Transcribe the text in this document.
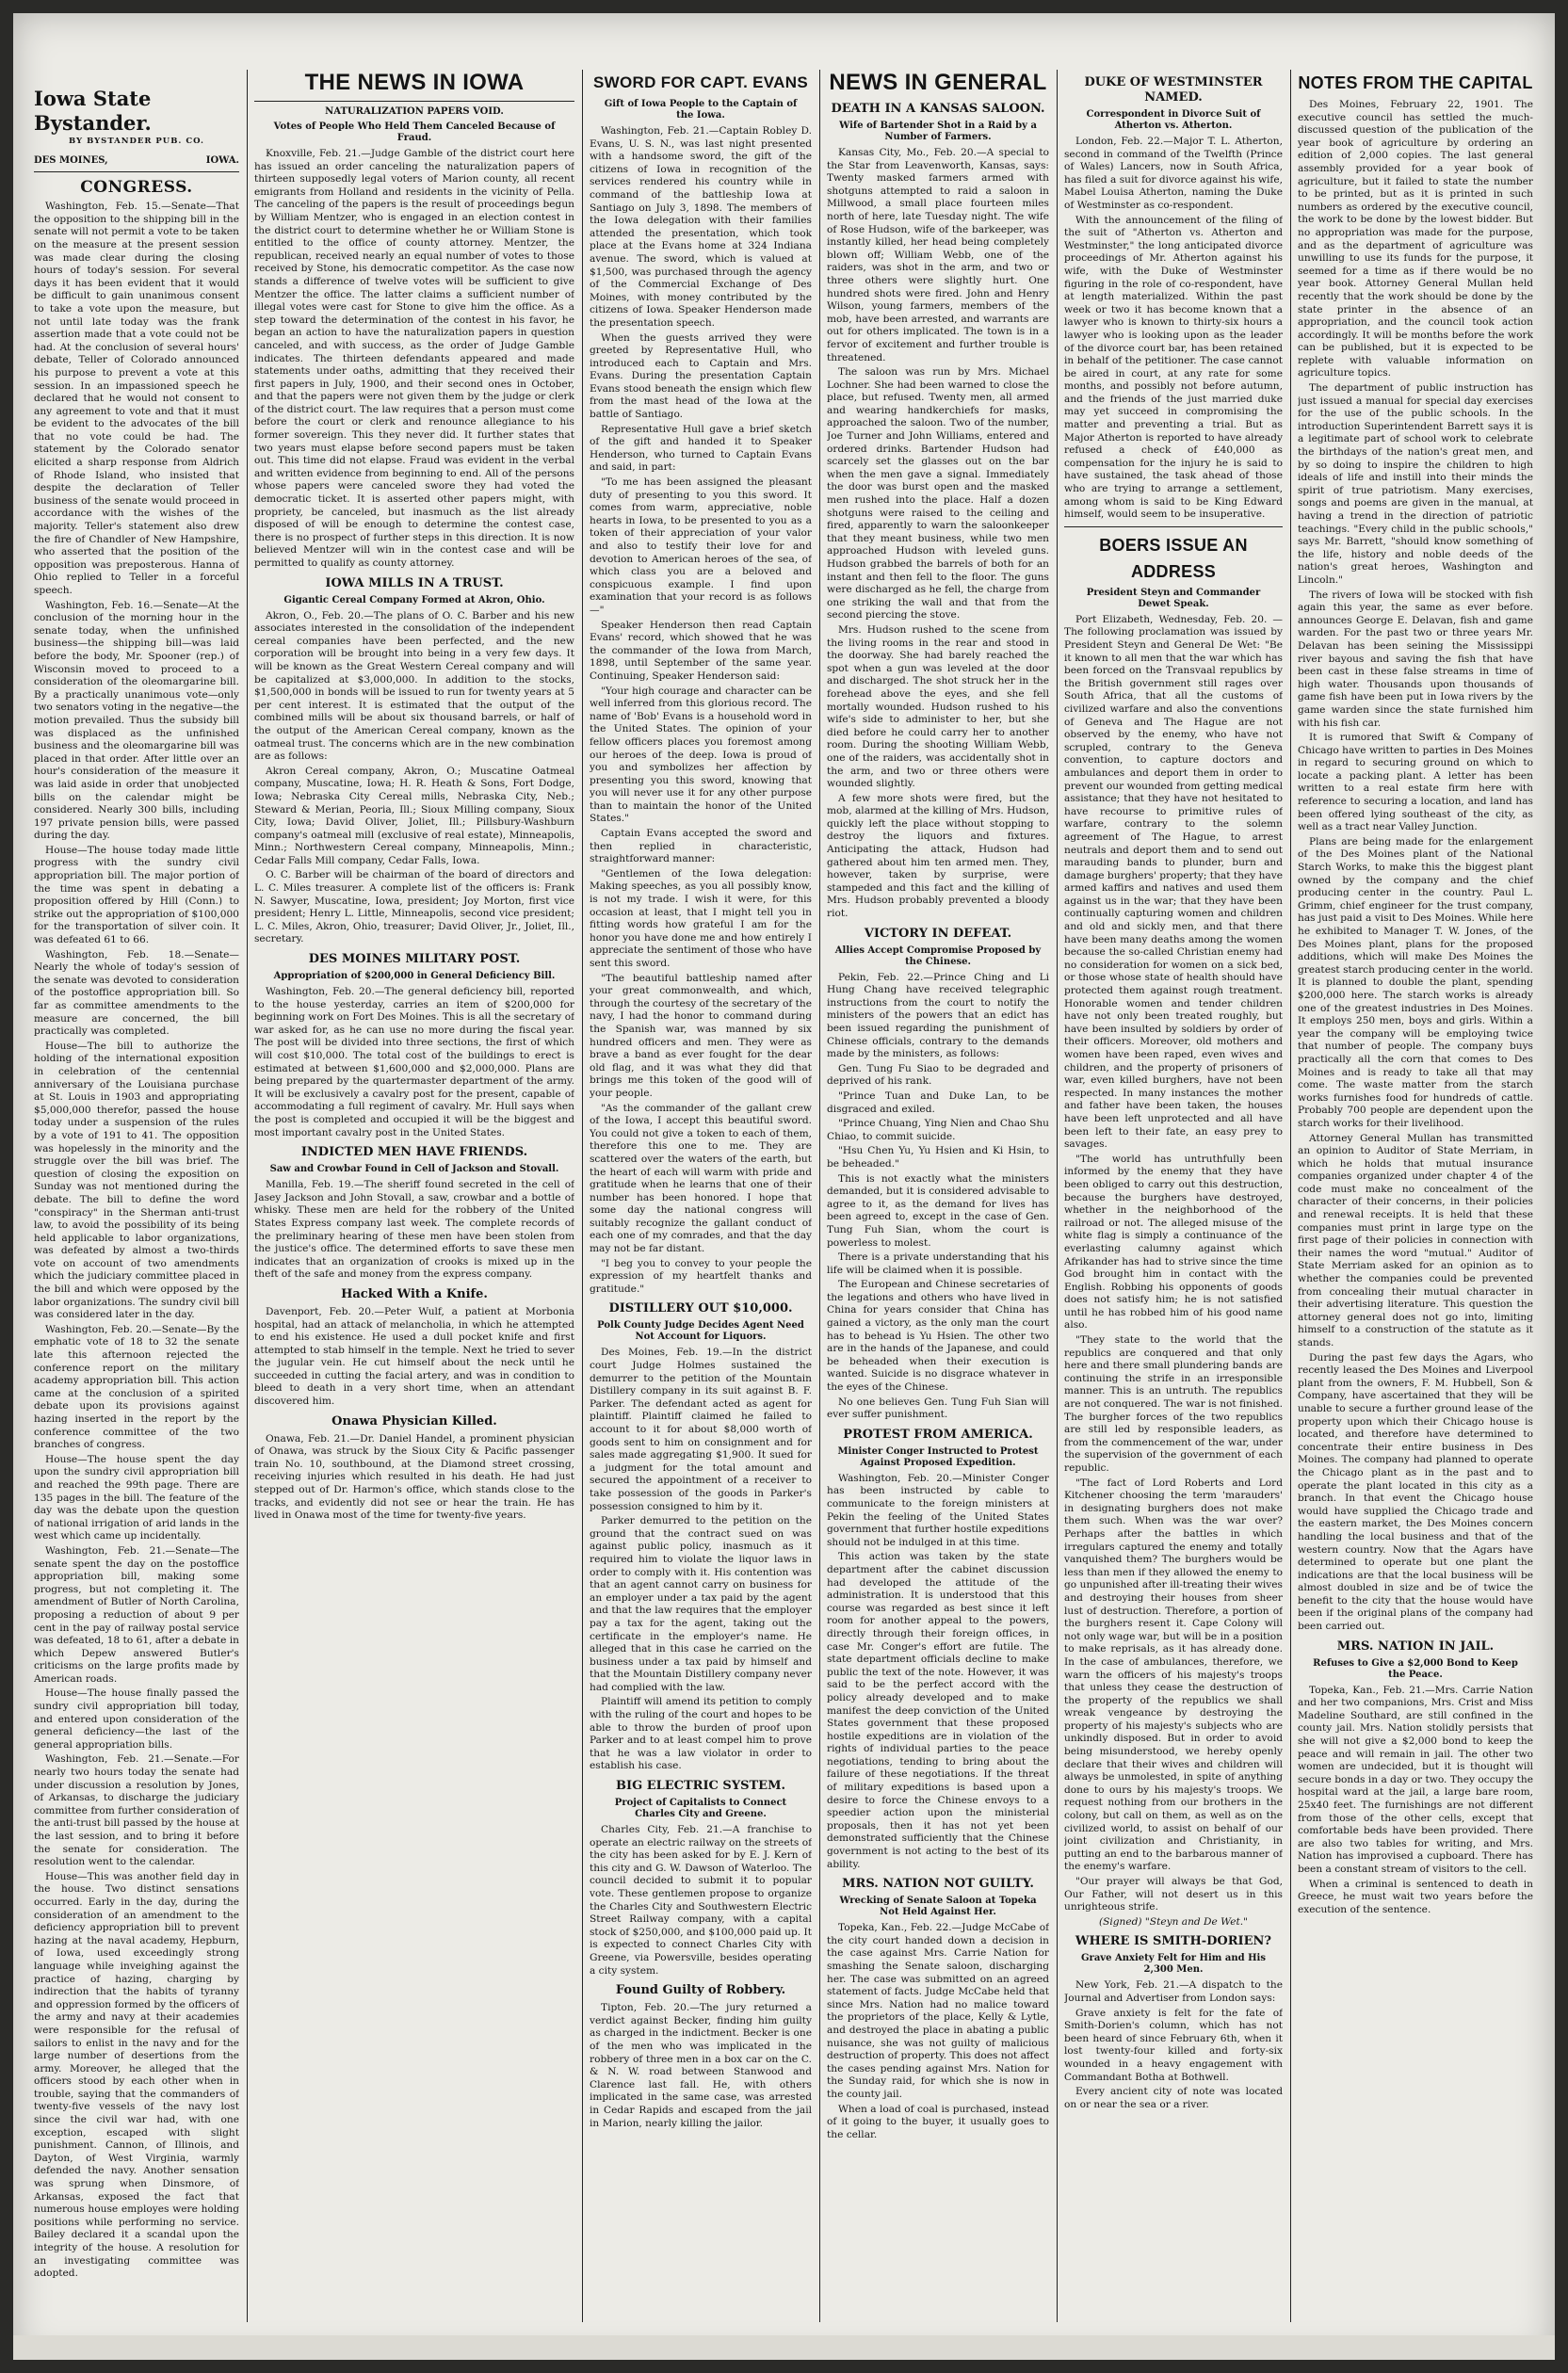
Iowa State Bystander.
BY BYSTANDER PUB. CO.
DES MOINES,	IOWA.
CONGRESS.

Washington, Feb. 15.—Senate—That the opposition to the shipping bill in the senate will not permit a vote to be taken on the measure at the present session was made clear during the closing hours of today's session. For several days it has been evident that it would be difficult to gain unanimous consent to take a vote upon the measure, but not until late today was the frank assertion made that a vote could not be had. At the conclusion of several hours' debate, Teller of Colorado announced his purpose to prevent a vote at this session. In an impassioned speech he declared that he would not consent to any agreement to vote and that it must be evident to the advocates of the bill that no vote could be had. The statement by the Colorado senator elicited a sharp response from Aldrich of Rhode Island, who insisted that despite the declaration of Teller business of the senate would proceed in accordance with the wishes of the majority. Teller's statement also drew the fire of Chandler of New Hampshire, who asserted that the position of the opposition was preposterous. Hanna of Ohio replied to Teller in a forceful speech.

Washington, Feb. 16.—Senate—At the conclusion of the morning hour in the senate today, when the unfinished business—the shipping bill—was laid before the body, Mr. Spooner (rep.) of Wisconsin moved to proceed to a consideration of the oleomargarine bill. By a practically unanimous vote—only two senators voting in the negative—the motion prevailed. Thus the subsidy bill was displaced as the unfinished business and the oleomargarine bill was placed in that order. After little over an hour's consideration of the measure it was laid aside in order that unobjected bills on the calendar might be considered. Nearly 300 bills, including 197 private pension bills, were passed during the day.

House—The house today made little progress with the sundry civil appropriation bill. The major portion of the time was spent in debating a proposition offered by Hill (Conn.) to strike out the appropriation of $100,000 for the transportation of silver coin. It was defeated 61 to 66.

Washington, Feb. 18.—Senate—Nearly the whole of today's session of the senate was devoted to consideration of the postoffice appropriation bill. So far as committee amendments to the measure are concerned, the bill practically was completed.

House—The bill to authorize the holding of the international exposition in celebration of the centennial anniversary of the Louisiana purchase at St. Louis in 1903 and appropriating $5,000,000 therefor, passed the house today under a suspension of the rules by a vote of 191 to 41. The opposition was hopelessly in the minority and the struggle over the bill was brief. The question of closing the exposition on Sunday was not mentioned during the debate. The bill to define the word "conspiracy" in the Sherman anti-trust law, to avoid the possibility of its being held applicable to labor organizations, was defeated by almost a two-thirds vote on account of two amendments which the judiciary committee placed in the bill and which were opposed by the labor organizations. The sundry civil bill was considered later in the day.

Washington, Feb. 20.—Senate—By the emphatic vote of 18 to 32 the senate late this afternoon rejected the conference report on the military academy appropriation bill. This action came at the conclusion of a spirited debate upon its provisions against hazing inserted in the report by the conference committee of the two branches of congress.

House—The house spent the day upon the sundry civil appropriation bill and reached the 99th page. There are 135 pages in the bill. The feature of the day was the debate upon the question of national irrigation of arid lands in the west which came up incidentally.

Washington, Feb. 21.—Senate—The senate spent the day on the postoffice appropriation bill, making some progress, but not completing it. The amendment of Butler of North Carolina, proposing a reduction of about 9 per cent in the pay of railway postal service was defeated, 18 to 61, after a debate in which Depew answered Butler's criticisms on the large profits made by American roads.

House—The house finally passed the sundry civil appropriation bill today, and entered upon consideration of the general deficiency—the last of the general appropriation bills.

Washington, Feb. 21.—Senate.—For nearly two hours today the senate had under discussion a resolution by Jones, of Arkansas, to discharge the judiciary committee from further consideration of the anti-trust bill passed by the house at the last session, and to bring it before the senate for consideration. The resolution went to the calendar.

House—This was another field day in the house. Two distinct sensations occurred. Early in the day, during the consideration of an amendment to the deficiency appropriation bill to prevent hazing at the naval academy, Hepburn, of Iowa, used exceedingly strong language while inveighing against the practice of hazing, charging by indirection that the habits of tyranny and oppression formed by the officers of the army and navy at their academies were responsible for the refusal of sailors to enlist in the navy and for the large number of desertions from the army. Moreover, he alleged that the officers stood by each other when in trouble, saying that the commanders of twenty-five vessels of the navy lost since the civil war had, with one exception, escaped with slight punishment. Cannon, of Illinois, and Dayton, of West Virginia, warmly defended the navy. Another sensation was sprung when Dinsmore, of Arkansas, exposed the fact that numerous house employes were holding positions while performing no service. Bailey declared it a scandal upon the integrity of the house. A resolution for an investigating committee was adopted.

THE NEWS IN IOWA
NATURALIZATION PAPERS VOID.
Votes of People Who Held Them Canceled Because of Fraud.

Knoxville, Feb. 21.—Judge Gamble of the district court here has issued an order canceling the naturalization papers of thirteen supposedly legal voters of Marion county, all recent emigrants from Holland and residents in the vicinity of Pella. The canceling of the papers is the result of proceedings begun by William Mentzer, who is engaged in an election contest in the district court to determine whether he or William Stone is entitled to the office of county attorney. Mentzer, the republican, received nearly an equal number of votes to those received by Stone, his democratic competitor. As the case now stands a difference of twelve votes will be sufficient to give Mentzer the office. The latter claims a sufficient number of illegal votes were cast for Stone to give him the office. As a step toward the determination of the contest in his favor, he began an action to have the naturalization papers in question canceled, and with success, as the order of Judge Gamble indicates. The thirteen defendants appeared and made statements under oaths, admitting that they received their first papers in July, 1900, and their second ones in October, and that the papers were not given them by the judge or clerk of the district court. The law requires that a person must come before the court or clerk and renounce allegiance to his former sovereign. This they never did. It further states that two years must elapse before second papers must be taken out. This time did not elapse. Fraud was evident in the verbal and written evidence from beginning to end. All of the persons whose papers were canceled swore they had voted the democratic ticket. It is asserted other papers might, with propriety, be canceled, but inasmuch as the list already disposed of will be enough to determine the contest case, there is no prospect of further steps in this direction. It is now believed Mentzer will win in the contest case and will be permitted to qualify as county attorney.

IOWA MILLS IN A TRUST.
Gigantic Cereal Company Formed at Akron, Ohio.

Akron, O., Feb. 20.—The plans of O. C. Barber and his new associates interested in the consolidation of the independent cereal companies have been perfected, and the new corporation will be brought into being in a very few days. It will be known as the Great Western Cereal company and will be capitalized at $3,000,000. In addition to the stocks, $1,500,000 in bonds will be issued to run for twenty years at 5 per cent interest. It is estimated that the output of the combined mills will be about six thousand barrels, or half of the output of the American Cereal company, known as the oatmeal trust. The concerns which are in the new combination are as follows:

Akron Cereal company, Akron, O.; Muscatine Oatmeal company, Muscatine, Iowa; H. R. Heath & Sons, Fort Dodge, Iowa; Nebraska City Cereal mills, Nebraska City, Neb.; Steward & Merian, Peoria, Ill.; Sioux Milling company, Sioux City, Iowa; David Oliver, Joliet, Ill.; Pillsbury-Washburn company's oatmeal mill (exclusive of real estate), Minneapolis, Minn.; Northwestern Cereal company, Minneapolis, Minn.; Cedar Falls Mill company, Cedar Falls, Iowa.

O. C. Barber will be chairman of the board of directors and L. C. Miles treasurer. A complete list of the officers is: Frank N. Sawyer, Muscatine, Iowa, president; Joy Morton, first vice president; Henry L. Little, Minneapolis, second vice president; L. C. Miles, Akron, Ohio, treasurer; David Oliver, Jr., Joliet, Ill., secretary.

DES MOINES MILITARY POST.
Appropriation of $200,000 in General Deficiency Bill.

Washington, Feb. 20.—The general deficiency bill, reported to the house yesterday, carries an item of $200,000 for beginning work on Fort Des Moines. This is all the secretary of war asked for, as he can use no more during the fiscal year. The post will be divided into three sections, the first of which will cost $10,000. The total cost of the buildings to erect is estimated at between $1,600,000 and $2,000,000. Plans are being prepared by the quartermaster department of the army. It will be exclusively a cavalry post for the present, capable of accommodating a full regiment of cavalry. Mr. Hull says when the post is completed and occupied it will be the biggest and most important cavalry post in the United States.

INDICTED MEN HAVE FRIENDS.
Saw and Crowbar Found in Cell of Jackson and Stovall.

Manilla, Feb. 19.—The sheriff found secreted in the cell of Jasey Jackson and John Stovall, a saw, crowbar and a bottle of whisky. These men are held for the robbery of the United States Express company last week. The complete records of the preliminary hearing of these men have been stolen from the justice's office. The determined efforts to save these men indicates that an organization of crooks is mixed up in the theft of the safe and money from the express company.

Hacked With a Knife.

Davenport, Feb. 20.—Peter Wulf, a patient at Morbonia hospital, had an attack of melancholia, in which he attempted to end his existence. He used a dull pocket knife and first attempted to stab himself in the temple. Next he tried to sever the jugular vein. He cut himself about the neck until he succeeded in cutting the facial artery, and was in condition to bleed to death in a very short time, when an attendant discovered him.

Onawa Physician Killed.

Onawa, Feb. 21.—Dr. Daniel Handel, a prominent physician of Onawa, was struck by the Sioux City & Pacific passenger train No. 10, southbound, at the Diamond street crossing, receiving injuries which resulted in his death. He had just stepped out of Dr. Harmon's office, which stands close to the tracks, and evidently did not see or hear the train. He has lived in Onawa most of the time for twenty-five years.

SWORD FOR CAPT. EVANS
Gift of Iowa People to the Captain of the Iowa.

Washington, Feb. 21.—Captain Robley D. Evans, U. S. N., was last night presented with a handsome sword, the gift of the citizens of Iowa in recognition of the services rendered his country while in command of the battleship Iowa at Santiago on July 3, 1898. The members of the Iowa delegation with their families attended the presentation, which took place at the Evans home at 324 Indiana avenue. The sword, which is valued at $1,500, was purchased through the agency of the Commercial Exchange of Des Moines, with money contributed by the citizens of Iowa. Speaker Henderson made the presentation speech.

When the guests arrived they were greeted by Representative Hull, who introduced each to Captain and Mrs. Evans. During the presentation Captain Evans stood beneath the ensign which flew from the mast head of the Iowa at the battle of Santiago.

Representative Hull gave a brief sketch of the gift and handed it to Speaker Henderson, who turned to Captain Evans and said, in part:

"To me has been assigned the pleasant duty of presenting to you this sword. It comes from warm, appreciative, noble hearts in Iowa, to be presented to you as a token of their appreciation of your valor and also to testify their love for and devotion to American heroes of the sea, of which class you are a beloved and conspicuous example. I find upon examination that your record is as follows—"

Speaker Henderson then read Captain Evans' record, which showed that he was the commander of the Iowa from March, 1898, until September of the same year. Continuing, Speaker Henderson said:

"Your high courage and character can be well inferred from this glorious record. The name of 'Bob' Evans is a household word in the United States. The opinion of your fellow officers places you foremost among our heroes of the deep. Iowa is proud of you and symbolizes her affection by presenting you this sword, knowing that you will never use it for any other purpose than to maintain the honor of the United States."

Captain Evans accepted the sword and then replied in characteristic, straightforward manner:

"Gentlemen of the Iowa delegation: Making speeches, as you all possibly know, is not my trade. I wish it were, for this occasion at least, that I might tell you in fitting words how grateful I am for the honor you have done me and how entirely I appreciate the sentiment of those who have sent this sword.

"The beautiful battleship named after your great commonwealth, and which, through the courtesy of the secretary of the navy, I had the honor to command during the Spanish war, was manned by six hundred officers and men. They were as brave a band as ever fought for the dear old flag, and it was what they did that brings me this token of the good will of your people.

"As the commander of the gallant crew of the Iowa, I accept this beautiful sword. You could not give a token to each of them, therefore this one to me. They are scattered over the waters of the earth, but the heart of each will warm with pride and gratitude when he learns that one of their number has been honored. I hope that some day the national congress will suitably recognize the gallant conduct of each one of my comrades, and that the day may not be far distant.

"I beg you to convey to your people the expression of my heartfelt thanks and gratitude."

DISTILLERY OUT $10,000.
Polk County Judge Decides Agent Need Not Account for Liquors.

Des Moines, Feb. 19.—In the district court Judge Holmes sustained the demurrer to the petition of the Mountain Distillery company in its suit against B. F. Parker. The defendant acted as agent for plaintiff. Plaintiff claimed he failed to account to it for about $8,000 worth of goods sent to him on consignment and for sales made aggregating $1,900. It sued for a judgment for the total amount and secured the appointment of a receiver to take possession of the goods in Parker's possession consigned to him by it.

Parker demurred to the petition on the ground that the contract sued on was against public policy, inasmuch as it required him to violate the liquor laws in order to comply with it. His contention was that an agent cannot carry on business for an employer under a tax paid by the agent and that the law requires that the employer pay a tax for the agent, taking out the certificate in the employer's name. He alleged that in this case he carried on the business under a tax paid by himself and that the Mountain Distillery company never had complied with the law.

Plaintiff will amend its petition to comply with the ruling of the court and hopes to be able to throw the burden of proof upon Parker and to at least compel him to prove that he was a law violator in order to establish his case.

BIG ELECTRIC SYSTEM.
Project of Capitalists to Connect Charles City and Greene.

Charles City, Feb. 21.—A franchise to operate an electric railway on the streets of the city has been asked for by E. J. Kern of this city and G. W. Dawson of Waterloo. The council decided to submit it to popular vote. These gentlemen propose to organize the Charles City and Southwestern Electric Street Railway company, with a capital stock of $250,000, and $100,000 paid up. It is expected to connect Charles City with Greene, via Powersville, besides operating a city system.

Found Guilty of Robbery.

Tipton, Feb. 20.—The jury returned a verdict against Becker, finding him guilty as charged in the indictment. Becker is one of the men who was implicated in the robbery of three men in a box car on the C. & N. W. road between Stanwood and Clarence last fall. He, with others implicated in the same case, was arrested in Cedar Rapids and escaped from the jail in Marion, nearly killing the jailor.

NEWS IN GENERAL
DEATH IN A KANSAS SALOON.
Wife of Bartender Shot in a Raid by a Number of Farmers.

Kansas City, Mo., Feb. 20.—A special to the Star from Leavenworth, Kansas, says: Twenty masked farmers armed with shotguns attempted to raid a saloon in Millwood, a small place fourteen miles north of here, late Tuesday night. The wife of Rose Hudson, wife of the barkeeper, was instantly killed, her head being completely blown off; William Webb, one of the raiders, was shot in the arm, and two or three others were slightly hurt. One hundred shots were fired. John and Henry Wilson, young farmers, members of the mob, have been arrested, and warrants are out for others implicated. The town is in a fervor of excitement and further trouble is threatened.

The saloon was run by Mrs. Michael Lochner. She had been warned to close the place, but refused. Twenty men, all armed and wearing handkerchiefs for masks, approached the saloon. Two of the number, Joe Turner and John Williams, entered and ordered drinks. Bartender Hudson had scarcely set the glasses out on the bar when the men gave a signal. Immediately the door was burst open and the masked men rushed into the place. Half a dozen shotguns were raised to the ceiling and fired, apparently to warn the saloonkeeper that they meant business, while two men approached Hudson with leveled guns. Hudson grabbed the barrels of both for an instant and then fell to the floor. The guns were discharged as he fell, the charge from one striking the wall and that from the second piercing the stove.

Mrs. Hudson rushed to the scene from the living rooms in the rear and stood in the doorway. She had barely reached the spot when a gun was leveled at the door and discharged. The shot struck her in the forehead above the eyes, and she fell mortally wounded. Hudson rushed to his wife's side to administer to her, but she died before he could carry her to another room. During the shooting William Webb, one of the raiders, was accidentally shot in the arm, and two or three others were wounded slightly.

A few more shots were fired, but the mob, alarmed at the killing of Mrs. Hudson, quickly left the place without stopping to destroy the liquors and fixtures. Anticipating the attack, Hudson had gathered about him ten armed men. They, however, taken by surprise, were stampeded and this fact and the killing of Mrs. Hudson probably prevented a bloody riot.

VICTORY IN DEFEAT.
Allies Accept Compromise Proposed by the Chinese.

Pekin, Feb. 22.—Prince Ching and Li Hung Chang have received telegraphic instructions from the court to notify the ministers of the powers that an edict has been issued regarding the punishment of Chinese officials, contrary to the demands made by the ministers, as follows:

Gen. Tung Fu Siao to be degraded and deprived of his rank.

"Prince Tuan and Duke Lan, to be disgraced and exiled.

"Prince Chuang, Ying Nien and Chao Shu Chiao, to commit suicide.

"Hsu Chen Yu, Yu Hsien and Ki Hsin, to be beheaded."

This is not exactly what the ministers demanded, but it is considered advisable to agree to it, as the demand for lives has been agreed to, except in the case of Gen. Tung Fuh Sian, whom the court is powerless to molest.

There is a private understanding that his life will be claimed when it is possible.

The European and Chinese secretaries of the legations and others who have lived in China for years consider that China has gained a victory, as the only man the court has to behead is Yu Hsien. The other two are in the hands of the Japanese, and could be beheaded when their execution is wanted. Suicide is no disgrace whatever in the eyes of the Chinese.

No one believes Gen. Tung Fuh Sian will ever suffer punishment.

PROTEST FROM AMERICA.
Minister Conger Instructed to Protest Against Proposed Expedition.

Washington, Feb. 20.—Minister Conger has been instructed by cable to communicate to the foreign ministers at Pekin the feeling of the United States government that further hostile expeditions should not be indulged in at this time.

This action was taken by the state department after the cabinet discussion had developed the attitude of the administration. It is understood that this course was regarded as best since it left room for another appeal to the powers, directly through their foreign offices, in case Mr. Conger's effort are futile. The state department officials decline to make public the text of the note. However, it was said to be the perfect accord with the policy already developed and to make manifest the deep conviction of the United States government that these proposed hostile expeditions are in violation of the rights of individual parties to the peace negotiations, tending to bring about the failure of these negotiations. If the threat of military expeditions is based upon a desire to force the Chinese envoys to a speedier action upon the ministerial proposals, then it has not yet been demonstrated sufficiently that the Chinese government is not acting to the best of its ability.

MRS. NATION NOT GUILTY.
Wrecking of Senate Saloon at Topeka Not Held Against Her.

Topeka, Kan., Feb. 22.—Judge McCabe of the city court handed down a decision in the case against Mrs. Carrie Nation for smashing the Senate saloon, discharging her. The case was submitted on an agreed statement of facts. Judge McCabe held that since Mrs. Nation had no malice toward the proprietors of the place, Kelly & Lytle, and destroyed the place in abating a public nuisance, she was not guilty of malicious destruction of property. This does not affect the cases pending against Mrs. Nation for the Sunday raid, for which she is now in the county jail.

When a load of coal is purchased, instead of it going to the buyer, it usually goes to the cellar.

DUKE OF WESTMINSTER NAMED.
Correspondent in Divorce Suit of Atherton vs. Atherton.

London, Feb. 22.—Major T. L. Atherton, second in command of the Twelfth (Prince of Wales) Lancers, now in South Africa, has filed a suit for divorce against his wife, Mabel Louisa Atherton, naming the Duke of Westminster as co-respondent.

With the announcement of the filing of the suit of "Atherton vs. Atherton and Westminster," the long anticipated divorce proceedings of Mr. Atherton against his wife, with the Duke of Westminster figuring in the role of co-respondent, have at length materialized. Within the past week or two it has become known that a lawyer who is known to thirty-six hours a lawyer who is looking upon as the leader of the divorce court bar, has been retained in behalf of the petitioner. The case cannot be aired in court, at any rate for some months, and possibly not before autumn, and the friends of the just married duke may yet succeed in compromising the matter and preventing a trial. But as Major Atherton is reported to have already refused a check of £40,000 as compensation for the injury he is said to have sustained, the task ahead of those who are trying to arrange a settlement, among whom is said to be King Edward himself, would seem to be insuperative.

BOERS ISSUE AN ADDRESS
President Steyn and Commander Dewet Speak.

Port Elizabeth, Wednesday, Feb. 20. —The following proclamation was issued by President Steyn and General De Wet: "Be it known to all men that the war which has been forced on the Transvaal republics by the British government still rages over South Africa, that all the customs of civilized warfare and also the conventions of Geneva and The Hague are not observed by the enemy, who have not scrupled, contrary to the Geneva convention, to capture doctors and ambulances and deport them in order to prevent our wounded from getting medical assistance; that they have not hesitated to have recourse to primitive rules of warfare, contrary to the solemn agreement of The Hague, to arrest neutrals and deport them and to send out marauding bands to plunder, burn and damage burghers' property; that they have armed kaffirs and natives and used them against us in the war; that they have been continually capturing women and children and old and sickly men, and that there have been many deaths among the women because the so-called Christian enemy had no consideration for women on a sick bed, or those whose state of health should have protected them against rough treatment. Honorable women and tender children have not only been treated roughly, but have been insulted by soldiers by order of their officers. Moreover, old mothers and women have been raped, even wives and children, and the property of prisoners of war, even killed burghers, have not been respected. In many instances the mother and father have been taken, the houses have been left unprotected and all have been left to their fate, an easy prey to savages.

"The world has untruthfully been informed by the enemy that they have been obliged to carry out this destruction, because the burghers have destroyed, whether in the neighborhood of the railroad or not. The alleged misuse of the white flag is simply a continuance of the everlasting calumny against which Afrikander has had to strive since the time God brought him in contact with the English. Robbing his opponents of goods does not satisfy him; he is not satisfied until he has robbed him of his good name also.

"They state to the world that the republics are conquered and that only here and there small plundering bands are continuing the strife in an irresponsible manner. This is an untruth. The republics are not conquered. The war is not finished. The burgher forces of the two republics are still led by responsible leaders, as from the commencement of the war, under the supervision of the government of each republic.

"The fact of Lord Roberts and Lord Kitchener choosing the term 'marauders' in designating burghers does not make them such. When was the war over? Perhaps after the battles in which irregulars captured the enemy and totally vanquished them? The burghers would be less than men if they allowed the enemy to go unpunished after ill-treating their wives and destroying their houses from sheer lust of destruction. Therefore, a portion of the burghers resent it. Cape Colony will not only wage war, but will be in a position to make reprisals, as it has already done. In the case of ambulances, therefore, we warn the officers of his majesty's troops that unless they cease the destruction of the property of the republics we shall wreak vengeance by destroying the property of his majesty's subjects who are unkindly disposed. But in order to avoid being misunderstood, we hereby openly declare that their wives and children will always be unmolested, in spite of anything done to ours by his majesty's troops. We request nothing from our brothers in the colony, but call on them, as well as on the civilized world, to assist on behalf of our joint civilization and Christianity, in putting an end to the barbarous manner of the enemy's warfare.

"Our prayer will always be that God, Our Father, will not desert us in this unrighteous strife.

(Signed) "Steyn and De Wet."
WHERE IS SMITH-DORIEN?
Grave Anxiety Felt for Him and His 2,300 Men.

New York, Feb. 21.—A dispatch to the Journal and Advertiser from London says:

Grave anxiety is felt for the fate of Smith-Dorien's column, which has not been heard of since February 6th, when it lost twenty-four killed and forty-six wounded in a heavy engagement with Commandant Botha at Bothwell.

Every ancient city of note was located on or near the sea or a river.

NOTES FROM THE CAPITAL

Des Moines, February 22, 1901. The executive council has settled the much-discussed question of the publication of the year book of agriculture by ordering an edition of 2,000 copies. The last general assembly provided for a year book of agriculture, but it failed to state the number to be printed, but as it is printed in such numbers as ordered by the executive council, the work to be done by the lowest bidder. But no appropriation was made for the purpose, and as the department of agriculture was unwilling to use its funds for the purpose, it seemed for a time as if there would be no year book. Attorney General Mullan held recently that the work should be done by the state printer in the absence of an appropriation, and the council took action accordingly. It will be months before the work can be published, but it is expected to be replete with valuable information on agriculture topics.

The department of public instruction has just issued a manual for special day exercises for the use of the public schools. In the introduction Superintendent Barrett says it is a legitimate part of school work to celebrate the birthdays of the nation's great men, and by so doing to inspire the children to high ideals of life and instill into their minds the spirit of true patriotism. Many exercises, songs and poems are given in the manual, at having a trend in the direction of patriotic teachings. "Every child in the public schools," says Mr. Barrett, "should know something of the life, history and noble deeds of the nation's great heroes, Washington and Lincoln."

The rivers of Iowa will be stocked with fish again this year, the same as ever before. announces George E. Delavan, fish and game warden. For the past two or three years Mr. Delavan has been seining the Mississippi river bayous and saving the fish that have been cast in these false streams in time of high water. Thousands upon thousands of game fish have been put in Iowa rivers by the game warden since the state furnished him with his fish car.

It is rumored that Swift & Company of Chicago have written to parties in Des Moines in regard to securing ground on which to locate a packing plant. A letter has been written to a real estate firm here with reference to securing a location, and land has been offered lying southeast of the city, as well as a tract near Valley Junction.

Plans are being made for the enlargement of the Des Moines plant of the National Starch Works, to make this the biggest plant owned by the company and the chief producing center in the country. Paul L. Grimm, chief engineer for the trust company, has just paid a visit to Des Moines. While here he exhibited to Manager T. W. Jones, of the Des Moines plant, plans for the proposed additions, which will make Des Moines the greatest starch producing center in the world. It is planned to double the plant, spending $200,000 here. The starch works is already one of the greatest industries in Des Moines. It employs 250 men, boys and girls. Within a year the company will be employing twice that number of people. The company buys practically all the corn that comes to Des Moines and is ready to take all that may come. The waste matter from the starch works furnishes food for hundreds of cattle. Probably 700 people are dependent upon the starch works for their livelihood.

Attorney General Mullan has transmitted an opinion to Auditor of State Merriam, in which he holds that mutual insurance companies organized under chapter 4 of the code must make no concealment of the character of their concerns, in their policies and renewal receipts. It is held that these companies must print in large type on the first page of their policies in connection with their names the word "mutual." Auditor of State Merriam asked for an opinion as to whether the companies could be prevented from concealing their mutual character in their advertising literature. This question the attorney general does not go into, limiting himself to a construction of the statute as it stands.

During the past few days the Agars, who recently leased the Des Moines and Liverpool plant from the owners, F. M. Hubbell, Son & Company, have ascertained that they will be unable to secure a further ground lease of the property upon which their Chicago house is located, and therefore have determined to concentrate their entire business in Des Moines. The company had planned to operate the Chicago plant as in the past and to operate the plant located in this city as a branch. In that event the Chicago house would have supplied the Chicago trade and the eastern market, the Des Moines concern handling the local business and that of the western country. Now that the Agars have determined to operate but one plant the indications are that the local business will be almost doubled in size and be of twice the benefit to the city that the house would have been if the original plans of the company had been carried out.

MRS. NATION IN JAIL.
Refuses to Give a $2,000 Bond to Keep the Peace.

Topeka, Kan., Feb. 21.—Mrs. Carrie Nation and her two companions, Mrs. Crist and Miss Madeline Southard, are still confined in the county jail. Mrs. Nation stolidly persists that she will not give a $2,000 bond to keep the peace and will remain in jail. The other two women are undecided, but it is thought will secure bonds in a day or two. They occupy the hospital ward at the jail, a large bare room, 25x40 feet. The furnishings are not different from those of the other cells, except that comfortable beds have been provided. There are also two tables for writing, and Mrs. Nation has improvised a cupboard. There has been a constant stream of visitors to the cell.

When a criminal is sentenced to death in Greece, he must wait two years before the execution of the sentence.
